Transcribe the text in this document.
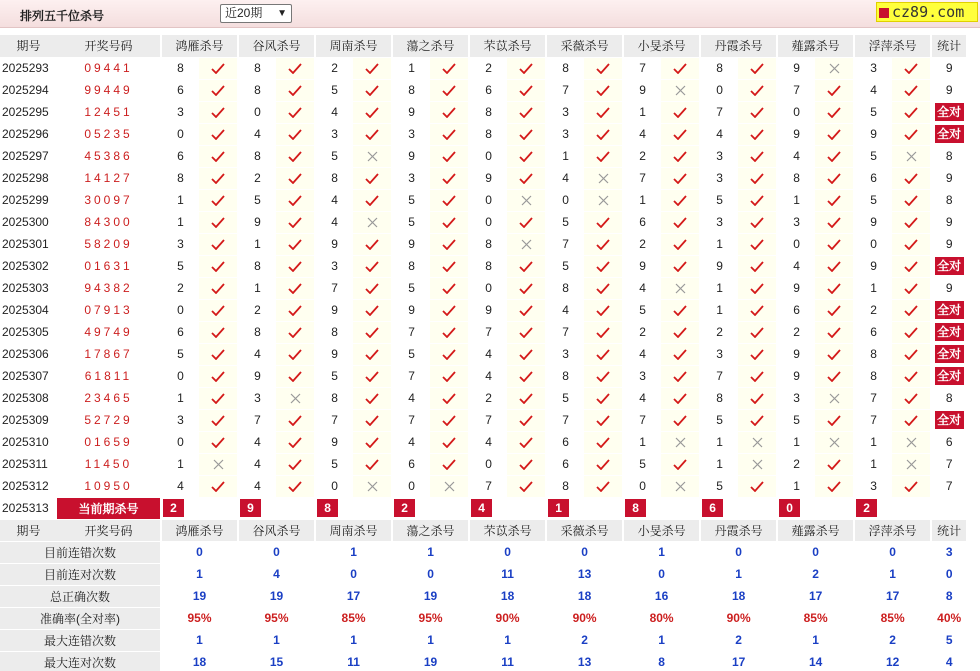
排列五千位杀号	近20期 ▼	cz89.com
期号	开奖号码		鸿雁杀号			谷风杀号			周南杀号			蕩之杀号			芣苡杀号			采薇杀号			小旻杀号			丹霞杀号			薤露杀号			浮萍杀号			统计
2025293	09441		8			8			2			1			2			8			7			8			9			3			9
2025294	99449		6			8			5			8			6			7			9			0			7			4			9
2025295	12451		3			0			4			9			8			3			1			7			0			5			全对
2025296	05235		0			4			3			3			8			3			4			4			9			9			全对
2025297	45386		6			8			5			9			0			1			2			3			4			5			8
2025298	14127		8			2			8			3			9			4			7			3			8			6			9
2025299	30097		1			5			4			5			0			0			1			5			1			5			8
2025300	84300		1			9			4			5			0			5			6			3			3			9			9
2025301	58209		3			1			9			9			8			7			2			1			0			0			9
2025302	01631		5			8			3			8			8			5			9			9			4			9			全对
2025303	94382		2			1			7			5			0			8			4			1			9			1			9
2025304	07913		0			2			9			9			9			4			5			1			6			2			全对
2025305	49749		6			8			8			7			7			7			2			2			2			6			全对
2025306	17867		5			4			9			5			4			3			4			3			9			8			全对
2025307	61811		0			9			5			7			4			8			3			7			9			8			全对
2025308	23465		1			3			8			4			2			5			4			8			3			7			8
2025309	52729		3			7			7			7			7			7			7			5			5			7			全对
2025310	01659		0			4			9			4			4			6			1			1			1			1			6
2025311	11450		1			4			5			6			0			6			5			1			2			1			7
2025312	10950		4			4			0			0			7			8			0			5			1			3			7
2025313	当前期杀号		2			9			8			2			4			1			8			6			0			2			
期号	开奖号码		鸿雁杀号			谷风杀号			周南杀号			蕩之杀号			芣苡杀号			采薇杀号			小旻杀号			丹霞杀号			薤露杀号			浮萍杀号			统计
目前连错次数			0			0			1			1			0			0			1			0			0			0			3
目前连对次数			1			4			0			0			11			13			0			1			2			1			0
总正确次数			19			19			17			19			18			18			16			18			17			17			8
准确率(全对率)			95%			95%			85%			95%			90%			90%			80%			90%			85%			85%			40%
最大连错次数			1			1			1			1			1			2			1			2			1			2			5
最大连对次数			18			15			11			19			11			13			8			17			14			12			4
